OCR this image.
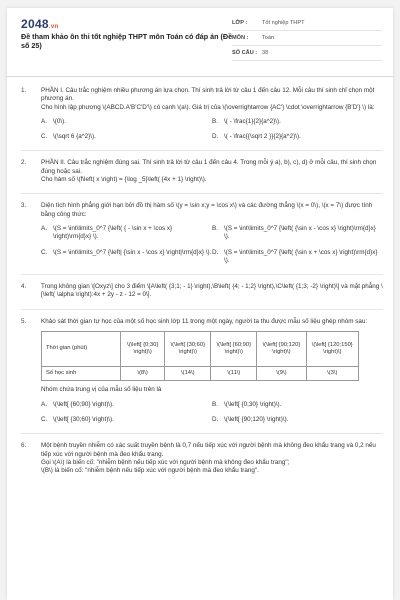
2048.vn
Đề tham khảo ôn thi tốt nghiệp THPT môn Toán có đáp án (Đề số 25)
LỚP :	Tốt nghiệp THPT
MÔN :	Toán
SỐ CÂU : 38
1.	PHẦN I. Câu trắc nghiệm nhiều phương án lựa chọn. Thí sinh trả lời từ câu 1 đến câu 12. Mỗi câu thí sinh chỉ chọn một phương án.
Cho hình lập phương \(ABCD.A'B'C'D'\) có cạnh \(a\). Giá trị của \(\overrightarrow {AC'} \cdot \overrightarrow {B'D'} \) là:
A. \(0\).	B. \( - \frac{1}{2}{a^2}\).
C. \(\sqrt 6 {a^2}\).	D. \( - \frac{{\sqrt 2 }}{2}{a^2}\).
2.	PHẦN II. Câu trắc nghiệm đúng sai. Thí sinh trả lời từ câu 1 đến câu 4. Trong mỗi ý a), b), c), d) ở mỗi câu, thí sinh chọn đúng hoặc sai.
Cho hàm số \(f\left( x \right) = {\log _5}\left( {4x + 1} \right)\).
3.	Diện tích hình phẳng giới hạn bởi đồ thị hàm số \(y = \sin x;y = \cos x\) và các đường thẳng \(x = 0\), \(x = 7\) được tính bằng công thức:
A. \(S = \int\limits_0^7 {\left( { - \sin x + \cos x} \right)\rm{d}x} \).
B. \(S = \int\limits_0^7 {\left( {\sin x - \cos x} \right)\rm{d}x} \).
C. \(S = \int\limits_0^7 {\left| {\sin x - \cos x} \right|\rm{d}x} \). D. \(S = \int\limits_0^7 {\left( {\sin x + \cos x} \right)\rm{d}x} \).
4.	Trong không gian \[Oxyz\] cho 3 điểm \[A\left( {3;1; - 1} \right),\B\left( {4; - 1;2} \right),\C\left( {1;3; -2} \right)\] và mặt phẳng \[\left( \alpha \right):4x + 2y - z - 12 = 0\].
5.	Khảo sát thời gian tự học của một số học sinh lớp 11 trong một ngày, người ta thu được mẫu số liệu ghép nhóm sau:
Thời gian (phút)	\(\left[ {0;30} \right)\)	\(\left[ {30;60} \right)\)	\(\left[ {60;90} \right)\)	\(\left[ {90;120} \right)\)	\(\left[ {120;150} \right)\)
Số học sinh	\(8\)	\(14\)	\(11\)	\(9\)	\(3\)
Nhóm chứa trung vị của mẫu số liệu trên là
A. \(\left[ {60;90} \right)\).	B. \(\left[ {0;30} \right)\).
C. \(\left[ {30;60} \right)\).	D. \(\left[ {90;120} \right)\).
6.	Một bệnh truyền nhiễm có xác suất truyền bệnh là 0,7 nếu tiếp xúc với người bệnh mà không đeo khẩu trang và 0,2 nếu tiếp xúc với người bệnh mà đeo khẩu trang.
Gọi \(A\) là biến cố: "nhiễm bệnh nếu tiếp xúc với người bệnh mà không đeo khẩu trang";
\(B\) là biến cố: "nhiễm bệnh nếu tiếp xúc với người bệnh mà đeo khẩu trang".
